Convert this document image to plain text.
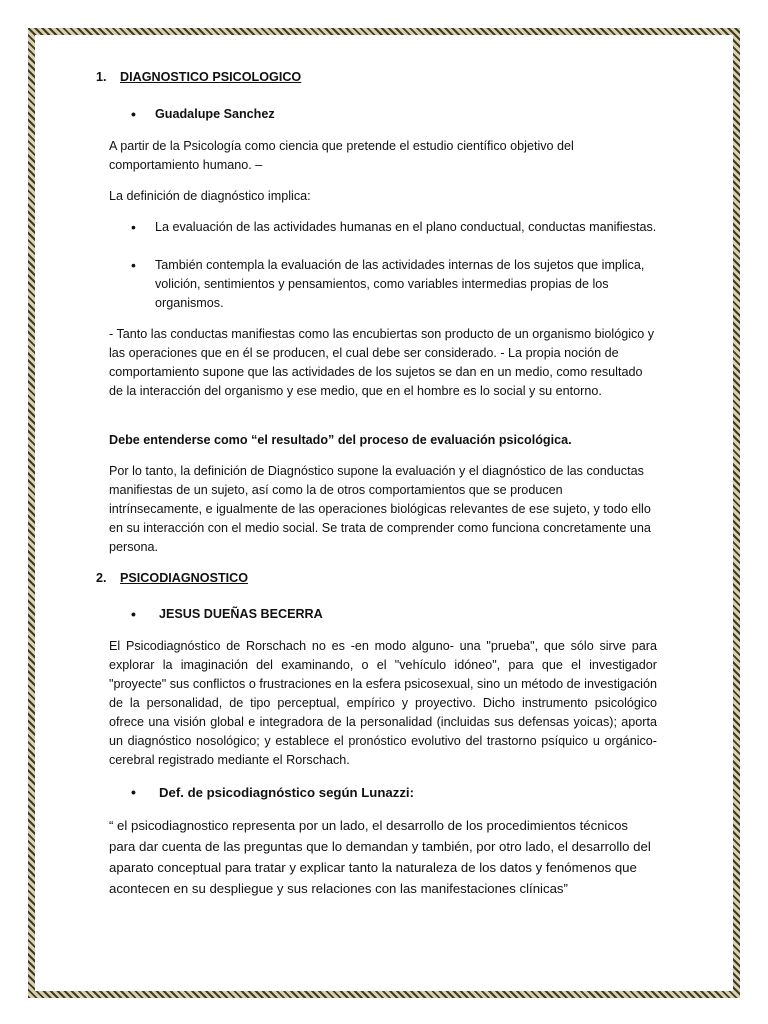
1. DIAGNOSTICO PSICOLOGICO
• Guadalupe Sanchez
A partir de la Psicología como ciencia que pretende el estudio científico objetivo del comportamiento humano. –
La definición de diagnóstico implica:
• La evaluación de las actividades humanas en el plano conductual, conductas manifiestas.
• También contempla la evaluación de las actividades internas de los sujetos que implica, volición, sentimientos y pensamientos, como variables intermedias propias de los organismos.
- Tanto las conductas manifiestas como las encubiertas son producto de un organismo biológico y las operaciones que en él se producen, el cual debe ser considerado. - La propia noción de comportamiento supone que las actividades de los sujetos se dan en un medio, como resultado de la interacción del organismo y ese medio, que en el hombre es lo social y su entorno.
Debe entenderse como “el resultado” del proceso de evaluación psicológica.
Por lo tanto, la definición de Diagnóstico supone la evaluación y el diagnóstico de las conductas manifiestas de un sujeto, así como la de otros comportamientos que se producen intrínsecamente, e igualmente de las operaciones biológicas relevantes de ese sujeto, y todo ello en su interacción con el medio social. Se trata de comprender como funciona concretamente una persona.
2. PSICODIAGNOSTICO
• JESUS DUEÑAS BECERRA
El Psicodiagnóstico de Rorschach no es -en modo alguno- una "prueba", que sólo sirve para explorar la imaginación del examinando, o el "vehículo idóneo", para que el investigador "proyecte" sus conflictos o frustraciones en la esfera psicosexual, sino un método de investigación de la personalidad, de tipo perceptual, empírico y proyectivo. Dicho instrumento psicológico ofrece una visión global e integradora de la personalidad (incluidas sus defensas yoicas); aporta un diagnóstico nosológico; y establece el pronóstico evolutivo del trastorno psíquico u orgánico-cerebral registrado mediante el Rorschach.
• Def. de psicodiagnóstico según Lunazzi:
“ el psicodiagnostico representa por un lado, el desarrollo de los procedimientos técnicos para dar cuenta de las preguntas que lo demandan y también, por otro lado, el desarrollo del aparato conceptual para tratar y explicar tanto la naturaleza de los datos y fenómenos que acontecen en su despliegue y sus relaciones con las manifestaciones clínicas”
